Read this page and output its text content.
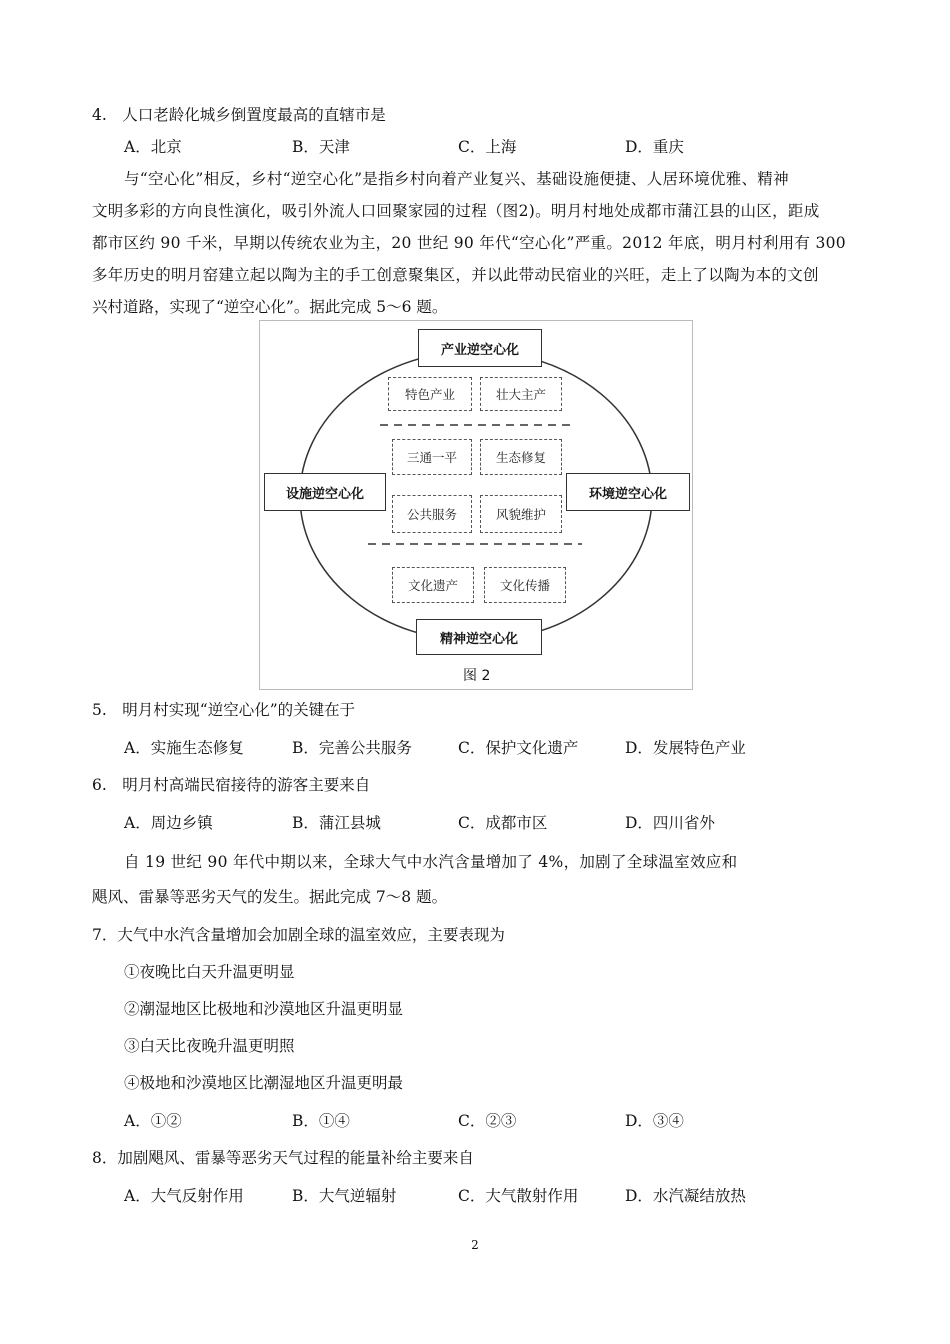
4.　人口老龄化城乡倒置度最高的直辖市是
A．北京	B．天津	C．上海	D．重庆
与“空心化”相反，乡村“逆空心化”是指乡村向着产业复兴、基础设施便捷、人居环境优雅、精神
文明多彩的方向良性演化，吸引外流人口回聚家园的过程（图2)。明月村地处成都市蒲江县的山区，距成
都市区约 90 千米，早期以传统农业为主，20 世纪 90 年代“空心化”严重。2012 年底，明月村利用有 300
多年历史的明月窑建立起以陶为主的手工创意聚集区，并以此带动民宿业的兴旺，走上了以陶为本的文创
兴村道路，实现了“逆空心化”。据此完成 5～6 题。
产业逆空心化
设施逆空心化	环境逆空心化
精神逆空心化
特色产业	壮大主产
三通一平	生态修复
公共服务	风貌维护
文化遗产	文化传播
图 2
5.　明月村实现“逆空心化”的关键在于
A．实施生态修复	B．完善公共服务	C．保护文化遗产	D．发展特色产业
6.　明月村高端民宿接待的游客主要来自
A．周边乡镇	B．蒲江县城	C．成都市区	D．四川省外
自 19 世纪 90 年代中期以来，全球大气中水汽含量增加了 4%，加剧了全球温室效应和
飓风、雷暴等恶劣天气的发生。据此完成 7～8 题。
7．大气中水汽含量增加会加剧全球的温室效应，主要表现为
①夜晚比白天升温更明显
②潮湿地区比极地和沙漠地区升温更明显
③白天比夜晚升温更明照
④极地和沙漠地区比潮湿地区升温更明最
A．①②	B．①④	C．②③	D．③④
8．加剧飓风、雷暴等恶劣天气过程的能量补给主要来自
A．大气反射作用	B．大气逆辐射	C．大气散射作用	D．水汽凝结放热
2
